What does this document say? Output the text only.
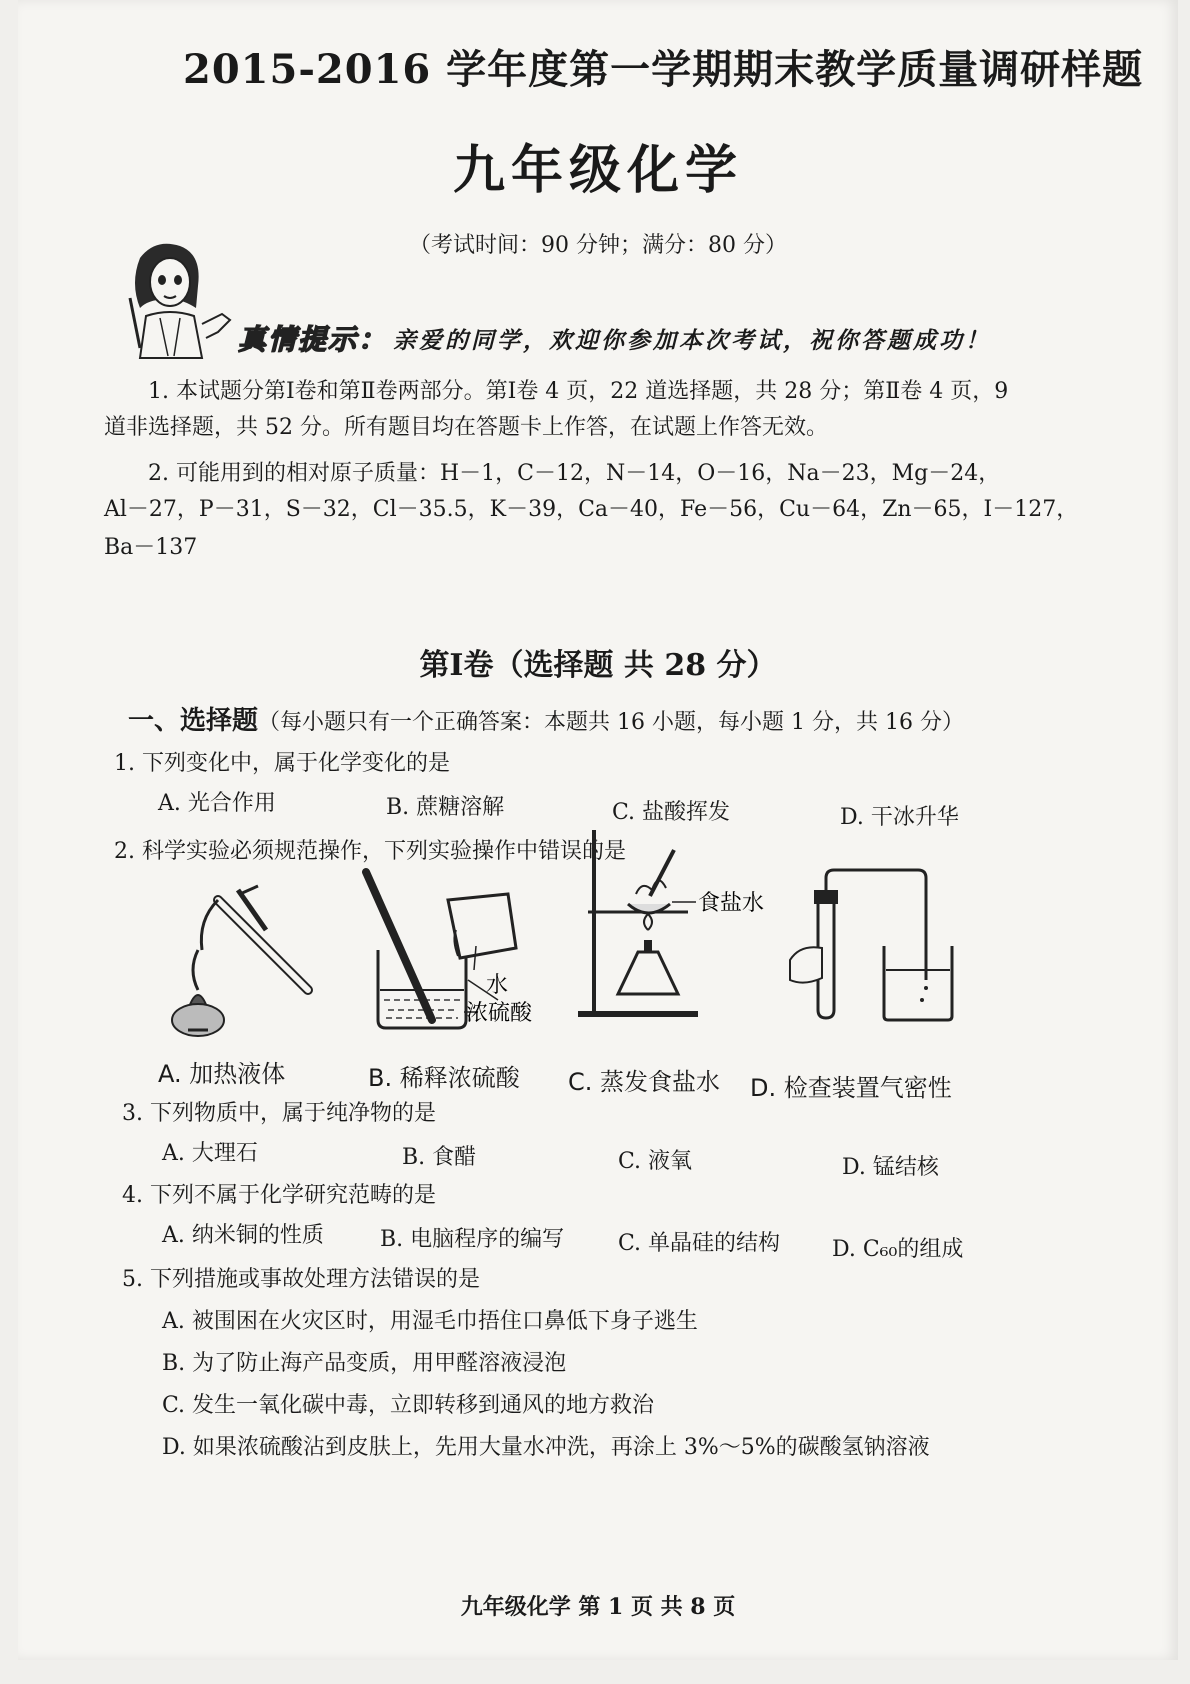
2015-2016 学年度第一学期期末教学质量调研样题
九年级化学
（考试时间：90 分钟；满分：80 分）
真情提示： 亲爱的同学，欢迎你参加本次考试，祝你答题成功！
1. 本试题分第Ⅰ卷和第Ⅱ卷两部分。第Ⅰ卷 4 页，22 道选择题，共 28 分；第Ⅱ卷 4 页，9
道非选择题，共 52 分。所有题目均在答题卡上作答，在试题上作答无效。
2. 可能用到的相对原子质量：H－1，C－12，N－14，O－16，Na－23，Mg－24，
Al－27，P－31，S－32，Cl－35.5，K－39，Ca－40，Fe－56，Cu－64，Zn－65，I－127，
Ba－137
第Ⅰ卷（选择题 共 28 分）
一、选择题（每小题只有一个正确答案：本题共 16 小题，每小题 1 分，共 16 分）
1. 下列变化中，属于化学变化的是
A. 光合作用	B. 蔗糖溶解	C. 盐酸挥发	D. 干冰升华
2. 科学实验必须规范操作，下列实验操作中错误的是
水
浓硫酸
食盐水
A. 加热液体	B. 稀释浓硫酸 C. 蒸发食盐水 D. 检查装置气密性
3. 下列物质中，属于纯净物的是
A. 大理石	B. 食醋	C. 液氧	D. 锰结核
4. 下列不属于化学研究范畴的是
A. 纳米铜的性质	B. 电脑程序的编写 C. 单晶硅的结构 D. C₆₀的组成
5. 下列措施或事故处理方法错误的是
A. 被围困在火灾区时，用湿毛巾捂住口鼻低下身子逃生
B. 为了防止海产品变质，用甲醛溶液浸泡
C. 发生一氧化碳中毒，立即转移到通风的地方救治
D. 如果浓硫酸沾到皮肤上，先用大量水冲洗，再涂上 3%～5%的碳酸氢钠溶液
九年级化学 第 1 页 共 8 页
